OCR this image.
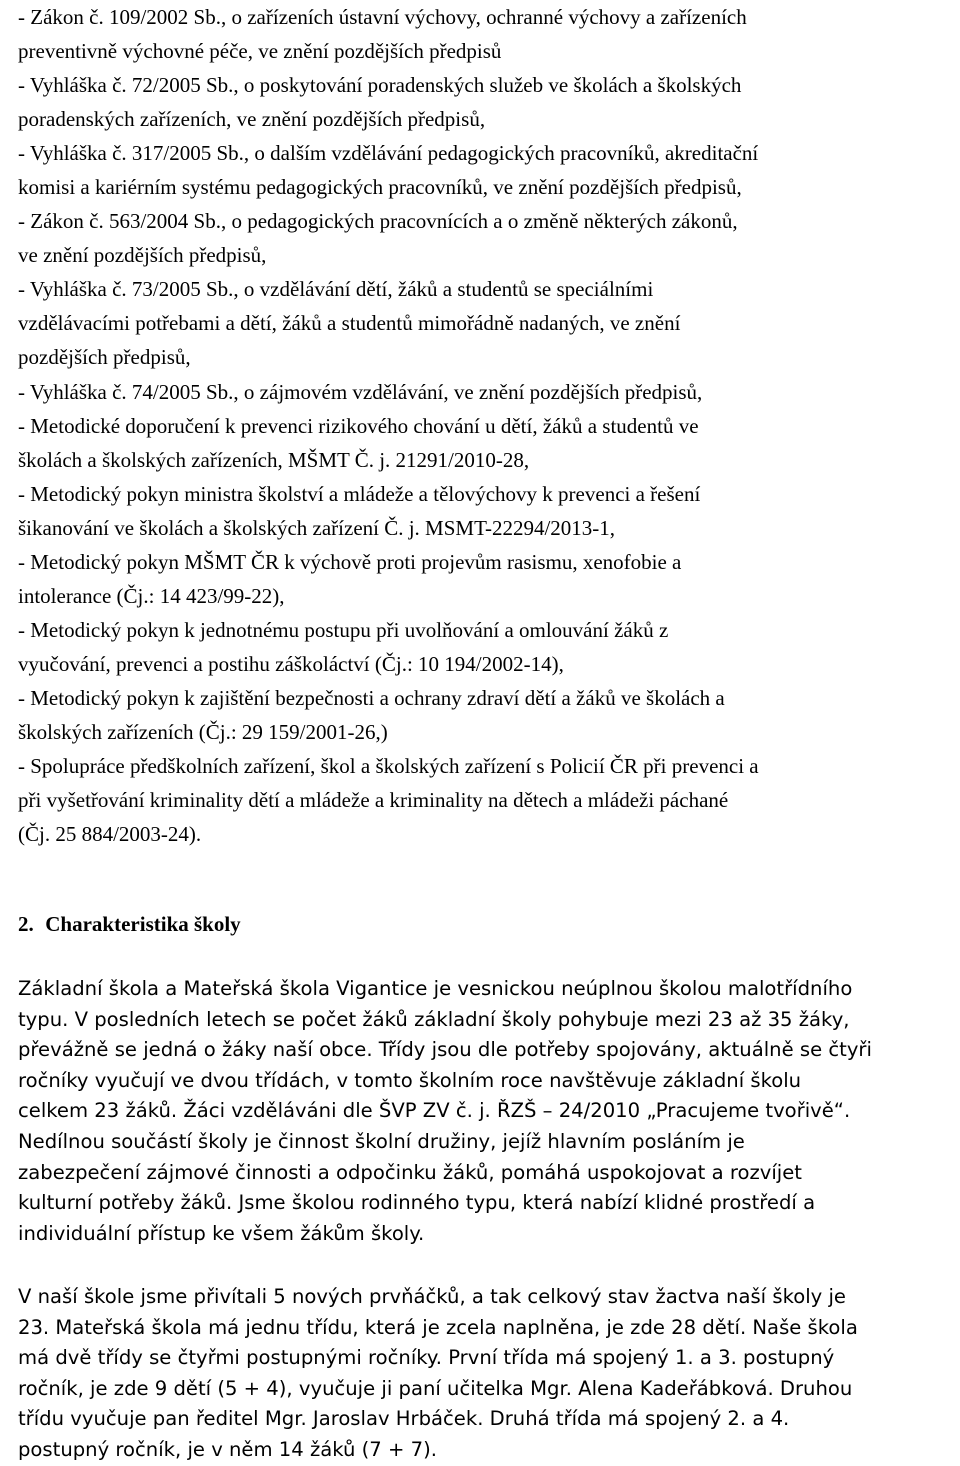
- Zákon č. 109/2002 Sb., o zařízeních ústavní výchovy, ochranné výchovy a zařízeních
preventivně výchovné péče, ve znění pozdějších předpisů

- Vyhláška č. 72/2005 Sb., o poskytování poradenských služeb ve školách a školských
poradenských zařízeních, ve znění pozdějších předpisů,

- Vyhláška č. 317/2005 Sb., o dalším vzdělávání pedagogických pracovníků, akreditační
komisi a kariérním systému pedagogických pracovníků, ve znění pozdějších předpisů,

- Zákon č. 563/2004 Sb., o pedagogických pracovnících a o změně některých zákonů,
ve znění pozdějších předpisů,

- Vyhláška č. 73/2005 Sb., o vzdělávání dětí, žáků a studentů se speciálními
vzdělávacími potřebami a dětí, žáků a studentů mimořádně nadaných, ve znění
pozdějších předpisů,

- Vyhláška č. 74/2005 Sb., o zájmovém vzdělávání, ve znění pozdějších předpisů,

- Metodické doporučení k prevenci rizikového chování u dětí, žáků a studentů ve
školách a školských zařízeních, MŠMT Č. j. 21291/2010-28,

- Metodický pokyn ministra školství a mládeže a tělovýchovy k prevenci a řešení
šikanování ve školách a školských zařízení Č. j. MSMT-22294/2013-1,

- Metodický pokyn MŠMT ČR k výchově proti projevům rasismu, xenofobie a
intolerance (Čj.: 14 423/99-22),

- Metodický pokyn k jednotnému postupu při uvolňování a omlouvání žáků z
vyučování, prevenci a postihu záškoláctví (Čj.: 10 194/2002-14),

- Metodický pokyn k zajištění bezpečnosti a ochrany zdraví dětí a žáků ve školách a
školských zařízeních (Čj.: 29 159/2001-26,)

- Spolupráce předškolních zařízení, škol a školských zařízení s Policií ČR při prevenci a
při vyšetřování kriminality dětí a mládeže a kriminality na dětech a mládeži páchané
(Čj. 25 884/2003-24).

2. Charakteristika školy

Základní škola a Mateřská škola Vigantice je vesnickou neúplnou školou malotřídního
typu. V posledních letech se počet žáků základní školy pohybuje mezi 23 až 35 žáky,
převážně se jedná o žáky naší obce. Třídy jsou dle potřeby spojovány, aktuálně se čtyři
ročníky vyučují ve dvou třídách, v tomto školním roce navštěvuje základní školu
celkem 23 žáků. Žáci vzděláváni dle ŠVP ZV č. j. ŘZŠ – 24/2010 „Pracujeme tvořivě“.
Nedílnou součástí školy je činnost školní družiny, jejíž hlavním posláním je
zabezpečení zájmové činnosti a odpočinku žáků, pomáhá uspokojovat a rozvíjet
kulturní potřeby žáků. Jsme školou rodinného typu, která nabízí klidné prostředí a
individuální přístup ke všem žákům školy.

V naší škole jsme přivítali 5 nových prvňáčků, a tak celkový stav žactva naší školy je
23. Mateřská škola má jednu třídu, která je zcela naplněna, je zde 28 dětí. Naše škola
má dvě třídy se čtyřmi postupnými ročníky. První třída má spojený 1. a 3. postupný
ročník, je zde 9 dětí (5 + 4), vyučuje ji paní učitelka Mgr. Alena Kadeřábková. Druhou
třídu vyučuje pan ředitel Mgr. Jaroslav Hrbáček. Druhá třída má spojený 2. a 4.
postupný ročník, je v něm 14 žáků (7 + 7).
